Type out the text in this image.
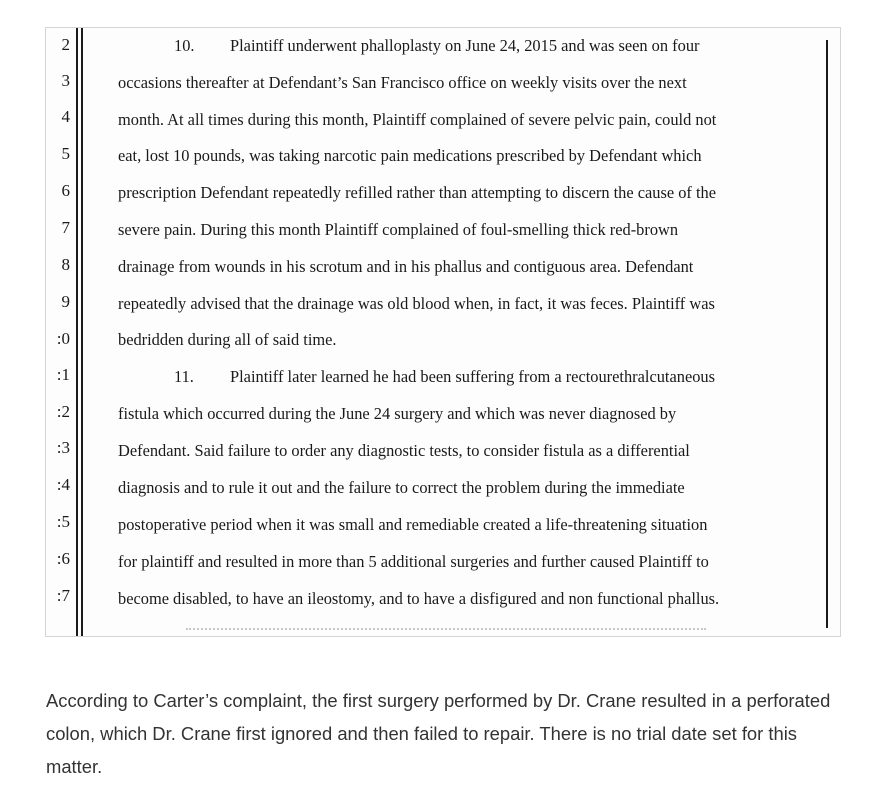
2
3
4
5
6
7
8
9
:0
:1
:2
:3
:4
:5
:6
:7
10. Plaintiff underwent phalloplasty on June 24, 2015 and was seen on four
occasions thereafter at Defendant’s San Francisco office on weekly visits over the next
month. At all times during this month, Plaintiff complained of severe pelvic pain, could not
eat, lost 10 pounds, was taking narcotic pain medications prescribed by Defendant which
prescription Defendant repeatedly refilled rather than attempting to discern the cause of the
severe pain. During this month Plaintiff complained of foul-smelling thick red-brown
drainage from wounds in his scrotum and in his phallus and contiguous area. Defendant
repeatedly advised that the drainage was old blood when, in fact, it was feces. Plaintiff was
bedridden during all of said time.
11. Plaintiff later learned he had been suffering from a rectourethralcutaneous
fistula which occurred during the June 24 surgery and which was never diagnosed by
Defendant. Said failure to order any diagnostic tests, to consider fistula as a differential
diagnosis and to rule it out and the failure to correct the problem during the immediate
postoperative period when it was small and remediable created a life-threatening situation
for plaintiff and resulted in more than 5 additional surgeries and further caused Plaintiff to
become disabled, to have an ileostomy, and to have a disfigured and non functional phallus.

According to Carter’s complaint, the first surgery performed by Dr. Crane resulted in a perforated colon, which Dr. Crane first ignored and then failed to repair. There is no trial date set for this matter.
